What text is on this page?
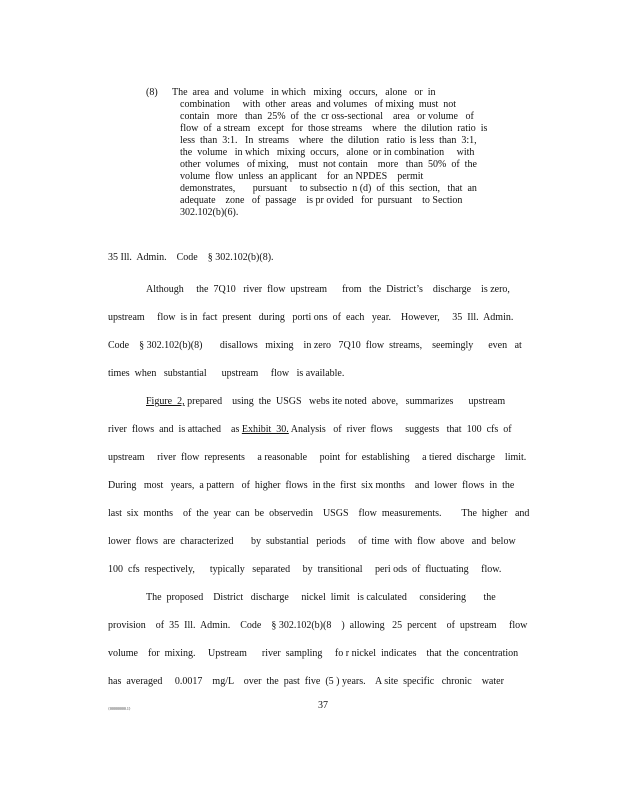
(8) The  area  and  volume   in which   mixing   occurs,   alone   or  in
combination     with  other  areas  and volumes   of mixing  must  not
contain   more   than  25%  of  the  cr oss-sectional    area   or volume   of
flow  of  a stream   except   for  those streams    where   the  dilution  ratio  is
less  than  3:1.   In  streams    where   the  dilution   ratio  is less  than  3:1,
the  volume   in which   mixing  occurs,   alone  or in combination     with
other  volumes   of mixing,    must  not contain    more   than  50%  of  the
volume  flow  unless  an applicant    for  an NPDES    permit
demonstrates,       pursuant     to subsectio  n (d)  of  this  section,   that  an
adequate    zone   of  passage    is pr ovided   for  pursuant    to Section
302.102(b)(6).
35 Ill.  Admin.    Code    § 302.102(b)(8).
Although     the  7Q10   river  flow  upstream      from   the  District’s    discharge    is zero,
upstream     flow  is in  fact  present   during   porti ons  of  each   year.    However,     35  Ill.  Admin.
Code    § 302.102(b)(8)       disallows   mixing    in zero   7Q10  flow  streams,    seemingly      even   at
times  when   substantial      upstream     flow   is available.
Figure  2, prepared    using  the  USGS   webs ite noted  above,   summarizes      upstream
river  flows  and  is attached    as Exhibit  30. Analysis   of  river  flows     suggests   that  100  cfs  of
upstream     river  flow  represents     a reasonable     point  for  establishing     a tiered  discharge    limit.
During   most   years,  a pattern   of  higher  flows  in the  first  six months    and  lower  flows  in  the
last  six  months    of  the  year  can  be  observedin    USGS    flow  measurements.        The  higher   and
lower  flows  are  characterized       by  substantial   periods     of  time  with  flow  above   and  below
100  cfs  respectively,      typically   separated     by  transitional     peri ods  of  fluctuating     flow.
The  proposed    District   discharge     nickel  limit   is calculated     considering       the
provision    of  35  Ill.  Admin.    Code    § 302.102(b)(8    )  allowing   25  percent    of  upstream     flow
volume    for  mixing.     Upstream      river  sampling     fo r nickel  indicates    that  the  concentration
has  averaged     0.0017    mg/L    over  the  past  five  (5 ) years.    A site  specific   chronic    water
{00000000.1}	37
